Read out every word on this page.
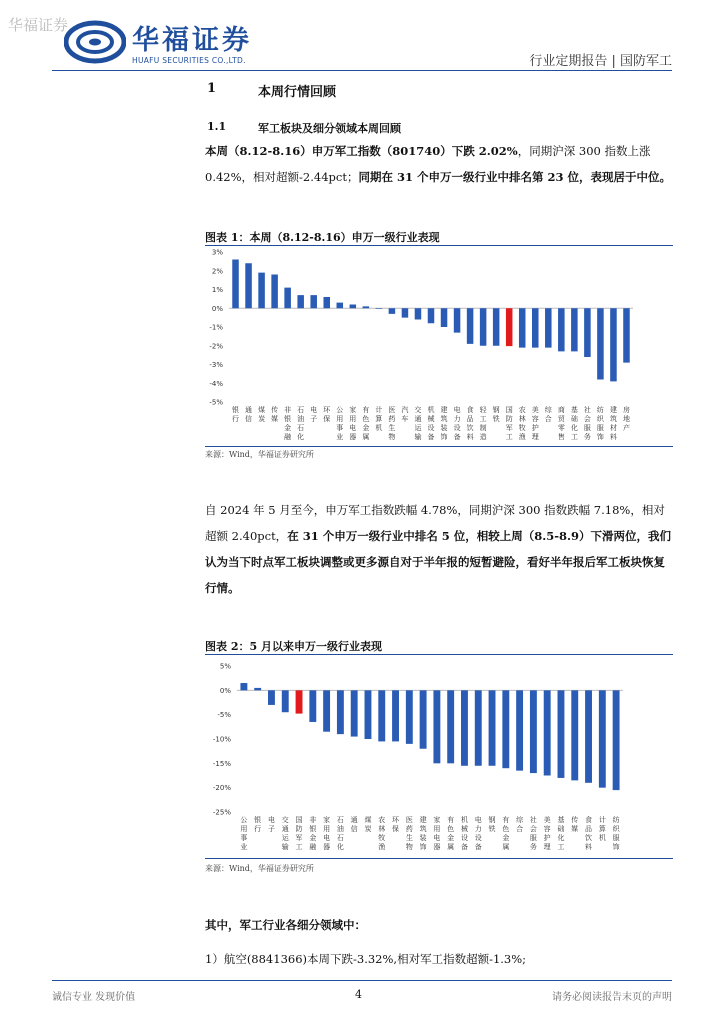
华福证券 华福证券
HUAFU SECURITIES CO.,LTD.	行业定期报告 | 国防军工
1	本周行情回顾
1.1	军工板块及细分领域本周回顾
本周（8.12-8.16）申万军工指数（801740）下跌 2.02%，同期沪深 300 指数上涨 0.42%，相对超额-2.44pct；同期在 31 个申万一级行业中排名第 23 位，表现居于中位。
图表 1：本周（8.12-8.16）申万一级行业表现
3%
2%
1%
0%
-1%
-2%
-3%
-4%
-5%
银行
通信
煤炭
传媒
非银金融
石油石化
电子
环保
公用事业
家用电器
有色金属
计算机
医药生物
汽车
交通运输
机械设备
建筑装饰
电力设备
食品饮料
轻工制造
钢铁
国防军工
农林牧渔
美容护理
综合
商贸零售
基础化工
社会服务
纺织服饰
建筑材料
房地产
来源：Wind，华福证券研究所
自 2024 年 5 月至今，申万军工指数跌幅 4.78%，同期沪深 300 指数跌幅 7.18%，相对超额 2.40pct，在 31 个申万一级行业中排名 5 位，相较上周（8.5-8.9）下滑两位，我们认为当下时点军工板块调整或更多源自对于半年报的短暂避险，看好半年报后军工板块恢复行情。
图表 2：5 月以来申万一级行业表现
5%
0%
-5%
-10%
-15%
-20%
-25%
公用事业
银行
电子
交通运输
国防军工
非银金融
家用电器
石油石化
通信
煤炭
农林牧渔
环保
医药生物
建筑装饰
家用电器
有色金属
机械设备
电力设备
钢铁
有色金属
综合
社会服务
美容护理
基础化工
传媒
食品饮料
计算机
纺织服饰
来源：Wind，华福证券研究所
其中，军工行业各细分领域中：
1）航空(8841366)本周下跌-3.32%,相对军工指数超额-1.3%;
诚信专业 发现价值	4	请务必阅读报告末页的声明
